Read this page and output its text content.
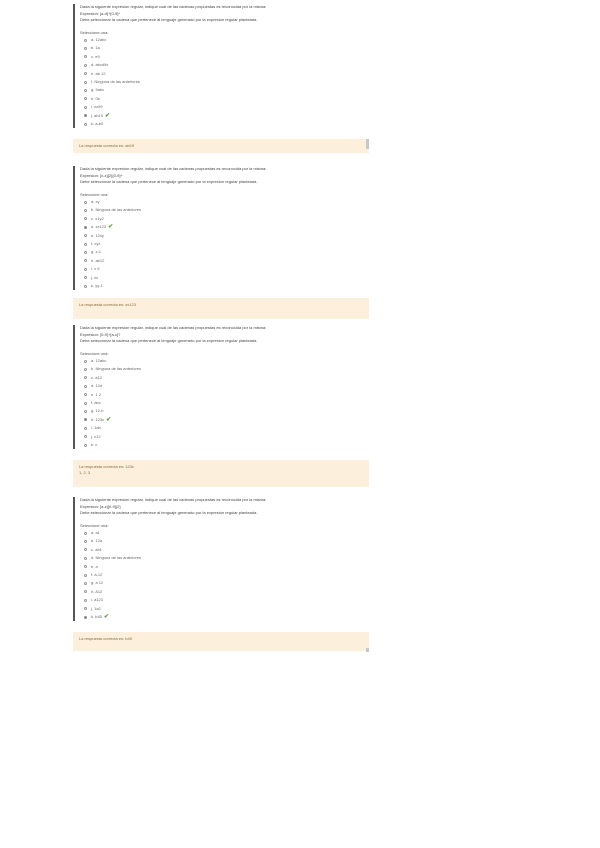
Dada la siguiente expresion regular, indique cual de las cadenas propuestas es reconocida por la misma:

Expresion: [a-d]+[0-9]*

Debe seleccionar la cadena que pertenece al lenguaje generado por la expresion regular planteada.

Seleccione una:
a. 12abc
b. 1a
c. e9
d. abcd9x
e. ab 12
f. Ninguna de las anteriores
g. 9abc
h. 0b
i. zz99
j. ab19 ✔
k. a-b0

La respuesta correcta es: ab19

Dada la siguiente expresion regular, indique cual de las cadenas propuestas es reconocida por la misma:

Expresion: [x-z]{2}[0-9]+

Debe seleccionar la cadena que pertenece al lenguaje generado por la expresion regular planteada.

Seleccione una:
a. xy
b. Ninguna de las anteriores
c. x1y2
d. zx123 ✔
e. 12xy
f. xyz
g. z-1
h. ab12
i. x 9
j. xx
k. yy-1

La respuesta correcta es: zx123

Dada la siguiente expresion regular, indique cual de las cadenas propuestas es reconocida por la misma:

Expresion: [0-9]+[a-c]?

Debe seleccionar la cadena que pertenece al lenguaje generado por la expresion regular planteada.

Seleccione una:
a. 12abc
b. Ninguna de las anteriores
c. a12
d. 12d
e. 1 2
f. abc
g. 12-b
h. 123c ✔
i. 1ab
j. x12
k. c

La respuesta correcta es: 123c

1, 2, 3

Dada la siguiente expresion regular, indique cual de las cadenas propuestas es reconocida por la misma:

Expresion: [a-z][0-9]{2}

Debe seleccionar la cadena que pertenece al lenguaje generado por la expresion regular planteada.

Seleccione una:
a. a1
b. 12a
c. ab1
d. Ninguna de las anteriores
e. a
f. a-12
g. a 12
h. A12
i. a123
j. 1a2
k. b45 ✔

La respuesta correcta es: b45
